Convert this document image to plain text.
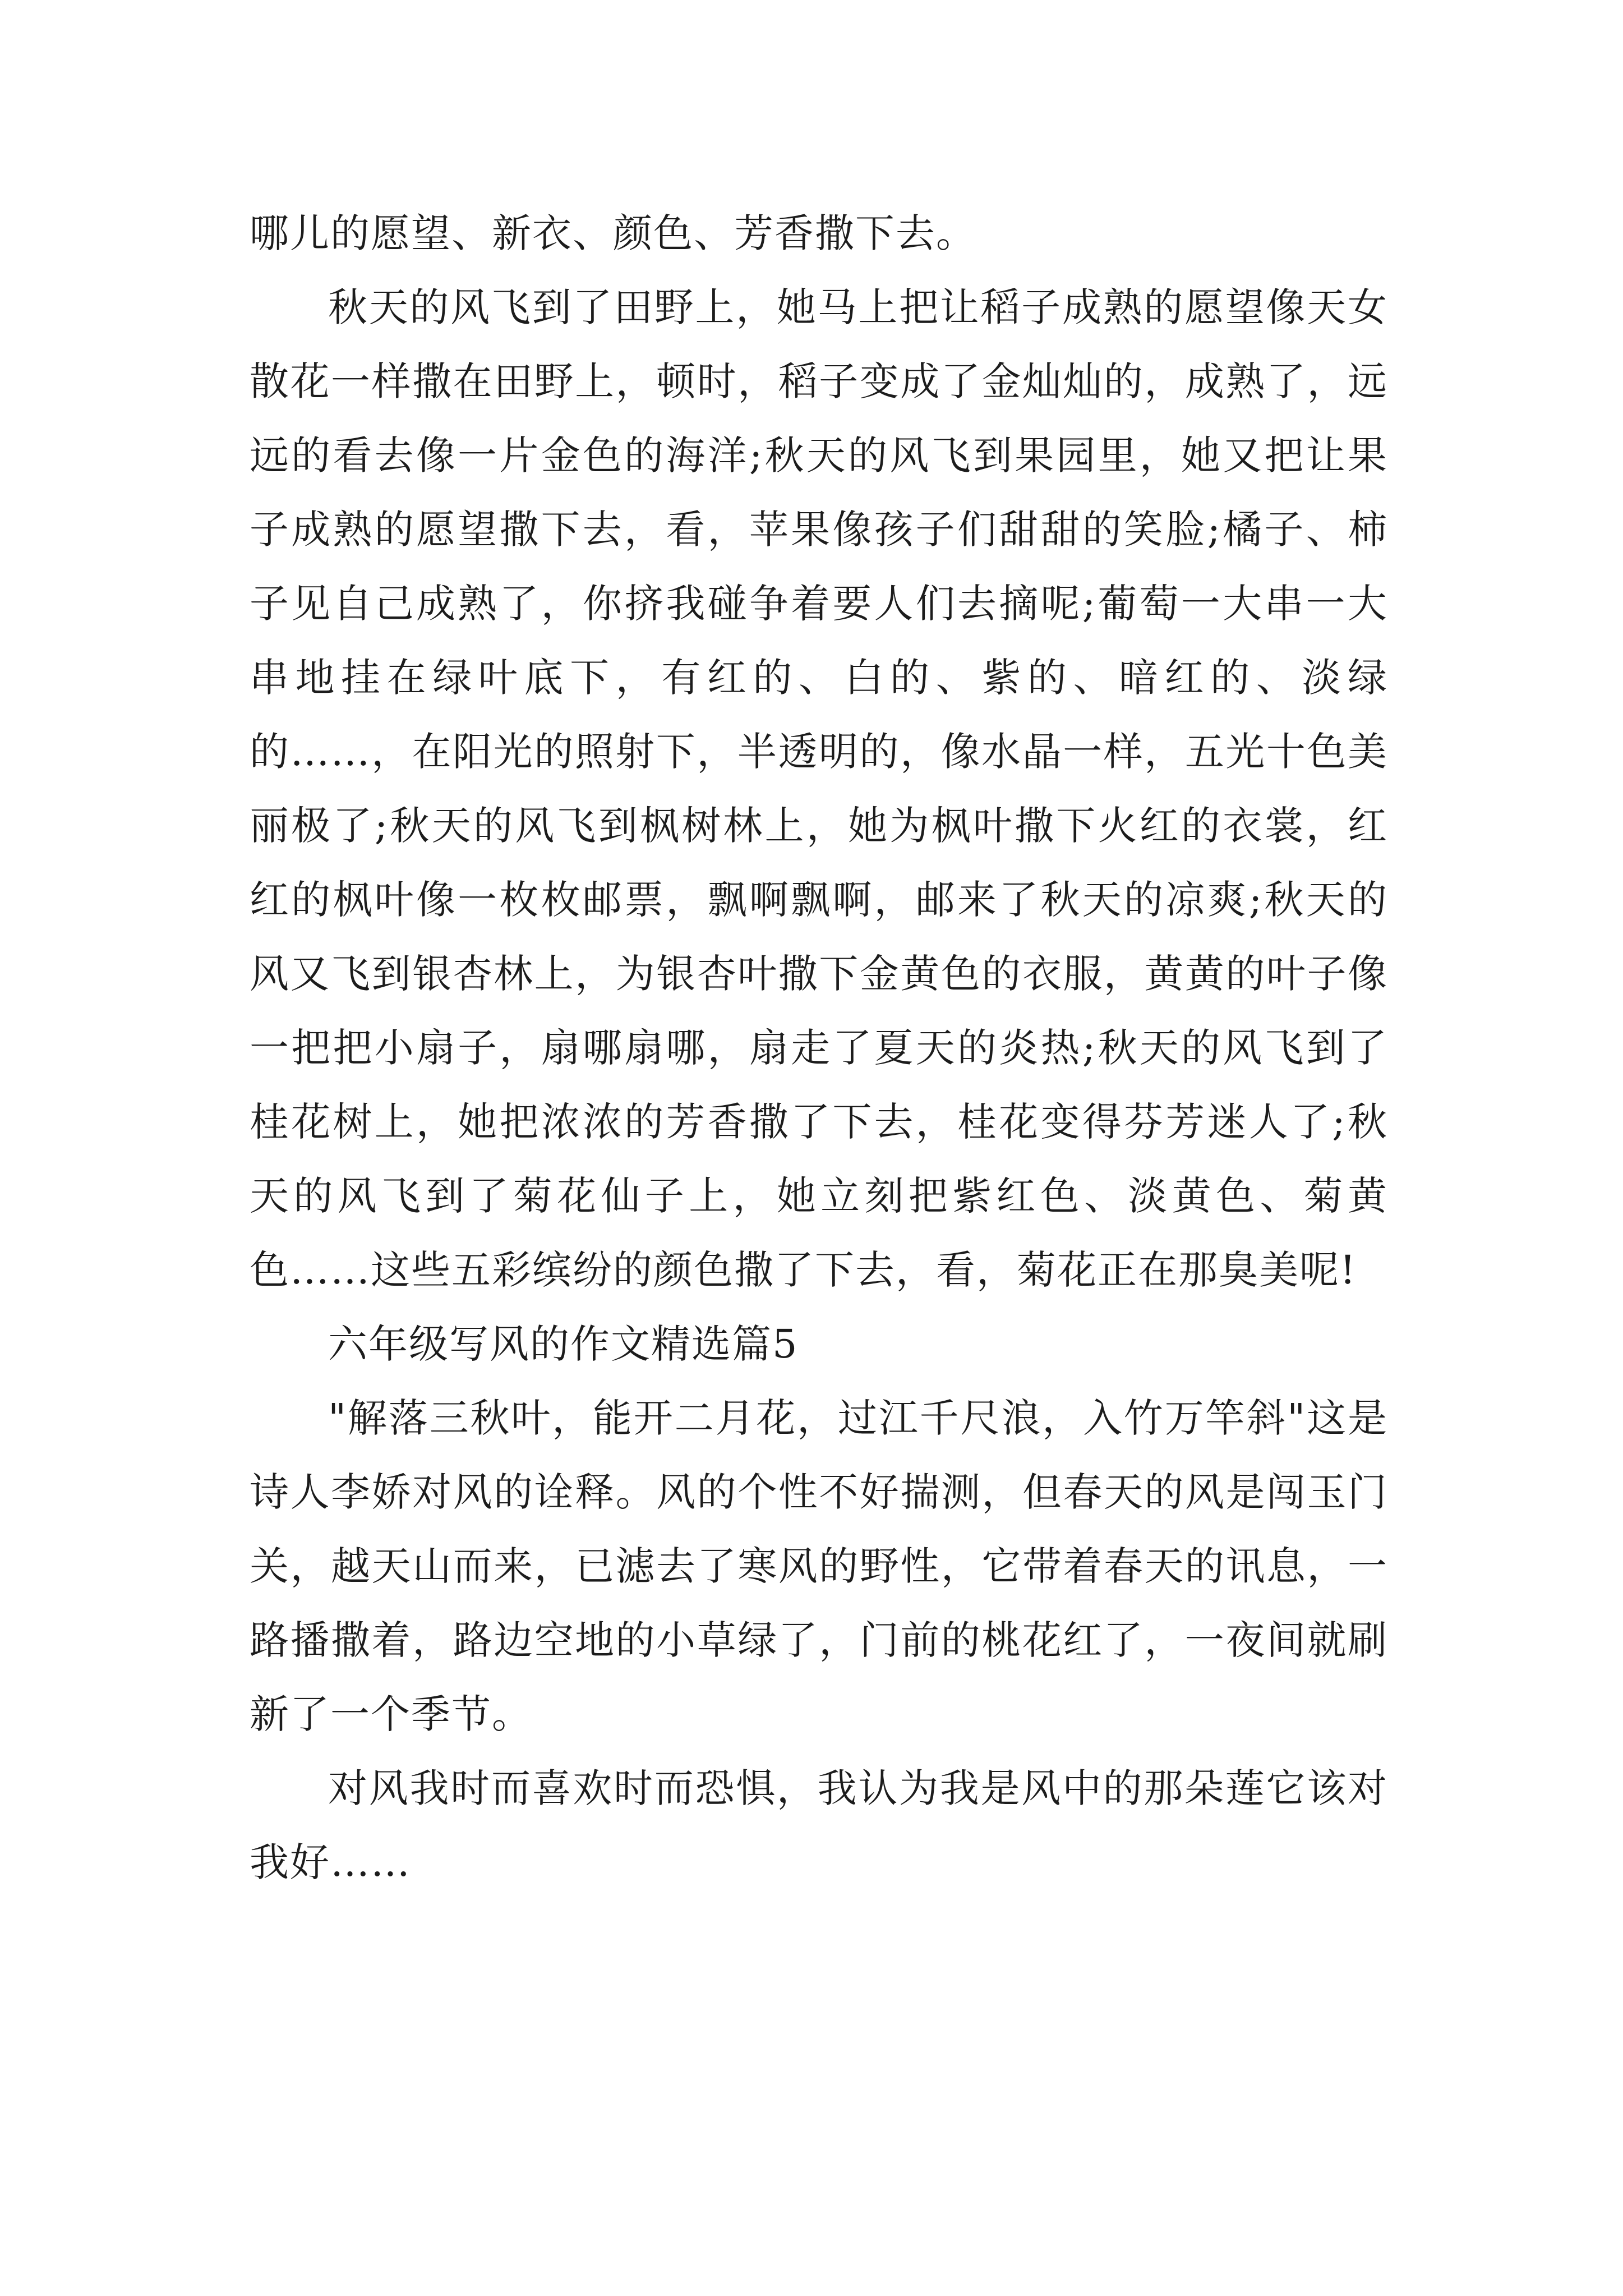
哪儿的愿望、新衣、颜色、芳香撒下去。

秋天的风飞到了田野上，她马上把让稻子成熟的愿望像天女散花一样撒在田野上，顿时，稻子变成了金灿灿的，成熟了，远远的看去像一片金色的海洋;秋天的风飞到果园里，她又把让果子成熟的愿望撒下去，看，苹果像孩子们甜甜的笑脸;橘子、柿子见自己成熟了，你挤我碰争着要人们去摘呢;葡萄一大串一大串地挂在绿叶底下，有红的、白的、紫的、暗红的、淡绿的……，在阳光的照射下，半透明的，像水晶一样，五光十色美丽极了;秋天的风飞到枫树林上，她为枫叶撒下火红的衣裳，红红的枫叶像一枚枚邮票，飘啊飘啊，邮来了秋天的凉爽;秋天的风又飞到银杏林上，为银杏叶撒下金黄色的衣服，黄黄的叶子像一把把小扇子，扇哪扇哪，扇走了夏天的炎热;秋天的风飞到了桂花树上，她把浓浓的芳香撒了下去，桂花变得芬芳迷人了;秋天的风飞到了菊花仙子上，她立刻把紫红色、淡黄色、菊黄色……这些五彩缤纷的颜色撒了下去，看，菊花正在那臭美呢!

六年级写风的作文精选篇5

"解落三秋叶，能开二月花，过江千尺浪，入竹万竿斜"这是诗人李娇对风的诠释。风的个性不好揣测，但春天的风是闯玉门关，越天山而来，已滤去了寒风的野性，它带着春天的讯息，一路播撒着，路边空地的小草绿了，门前的桃花红了，一夜间就刷新了一个季节。

对风我时而喜欢时而恐惧，我认为我是风中的那朵莲它该对我好……
